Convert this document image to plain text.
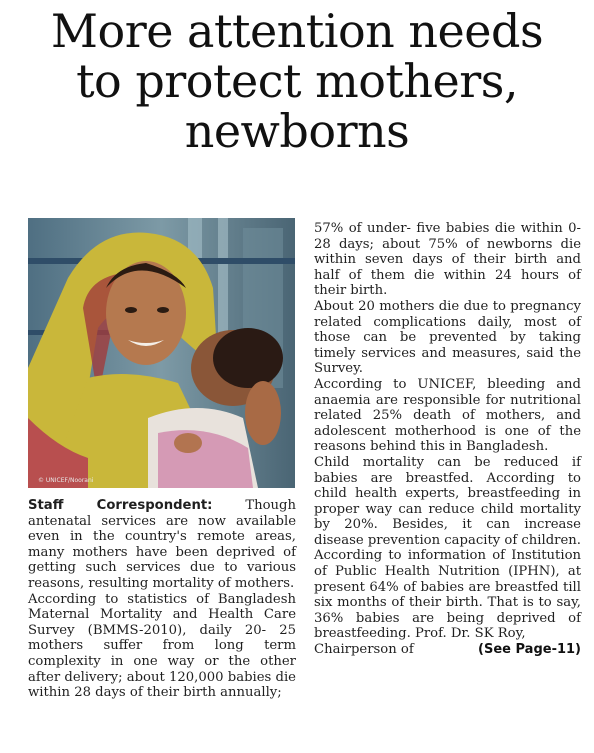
More attention needs
to protect mothers,
newborns
© UNICEF/Noorani

Staff Correspondent: Though antenatal services are now available even in the country's remote areas, many mothers have been deprived of getting such services due to various reasons, resulting mortality of mothers.

According to statistics of Bangladesh Maternal Mortality and Health Care Survey (BMMS-2010), daily 20- 25 mothers suffer from long term complexity in one way or the other after delivery; about 120,000 babies die within 28 days of their birth annually;

57% of under- five babies die within 0-28 days; about 75% of newborns die within seven days of their birth and half of them die within 24 hours of their birth.

About 20 mothers die due to pregnancy related complications daily, most of those can be prevented by taking timely services and measures, said the Survey.

According to UNICEF, bleeding and anaemia are responsible for nutritional related 25% death of mothers, and adolescent motherhood is one of the reasons behind this in Bangladesh.

Child mortality can be reduced if babies are breastfed. According to child health experts, breastfeeding in proper way can reduce child mortality by 20%. Besides, it can increase disease prevention capacity of children.

According to information of Institution of Public Health Nutrition (IPHN), at present 64% of babies are breastfed till six months of their birth. That is to say, 36% babies are being deprived of breastfeeding. Prof. Dr. SK Roy,

Chairperson of	(See Page-11)
